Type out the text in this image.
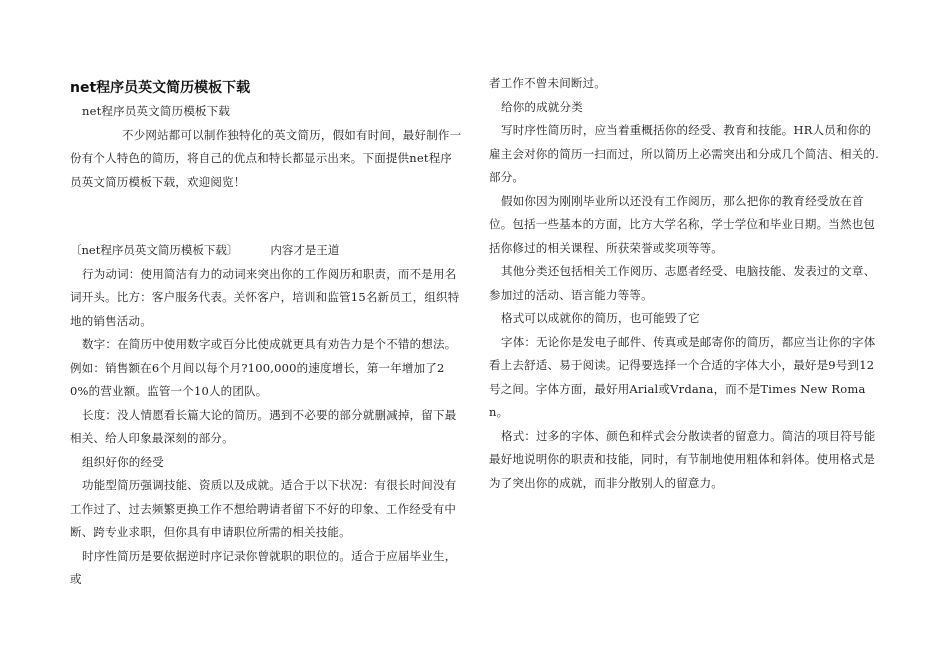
net程序员英文简历模板下载

net程序员英文简历模板下载

不少网站都可以制作独特化的英文简历，假如有时间，最好制作一份有个人特色的简历，将自己的优点和特长都显示出来。下面提供net程序员英文简历模板下载，欢迎阅览！

〔net程序员英文简历模板下载〕	内容才是王道

行为动词：使用简洁有力的动词来突出你的工作阅历和职责，而不是用名词开头。比方：客户服务代表。关怀客户，培训和监管15名新员工，组织特地的销售活动。

数字：在简历中使用数字或百分比使成就更具有劝告力是个不错的想法。例如：销售额在6个月间以每个月?100,000的速度增长，第一年增加了20%的营业额。监管一个10人的团队。

长度：没人情愿看长篇大论的简历。遇到不必要的部分就删减掉，留下最相关、给人印象最深刻的部分。

组织好你的经受

功能型简历强调技能、资质以及成就。适合于以下状况：有很长时间没有工作过了、过去频繁更换工作不想给聘请者留下不好的印象、工作经受有中断、跨专业求职，但你具有申请职位所需的相关技能。

时序性简历是要依据逆时序记录你曾就职的职位的。适合于应届毕业生，或

者工作不曾未间断过。

给你的成就分类

写时序性简历时，应当着重概括你的经受、教育和技能。HR人员和你的雇主会对你的简历一扫而过，所以简历上必需突出和分成几个简洁、相关的.部分。

假如你因为刚刚毕业所以还没有工作阅历，那么把你的教育经受放在首位。包括一些基本的方面，比方大学名称，学士学位和毕业日期。当然也包括你修过的相关课程、所获荣誉或奖项等等。

其他分类还包括相关工作阅历、志愿者经受、电脑技能、发表过的文章、参加过的活动、语言能力等等。

格式可以成就你的简历，也可能毁了它

字体：无论你是发电子邮件、传真或是邮寄你的简历，都应当让你的字体看上去舒适、易于阅读。记得要选择一个合适的字体大小，最好是9号到12号之间。字体方面，最好用Arial或Vrdana，而不是Times New Roman。

格式：过多的字体、颜色和样式会分散读者的留意力。简洁的项目符号能最好地说明你的职责和技能，同时，有节制地使用粗体和斜体。使用格式是为了突出你的成就，而非分散别人的留意力。
